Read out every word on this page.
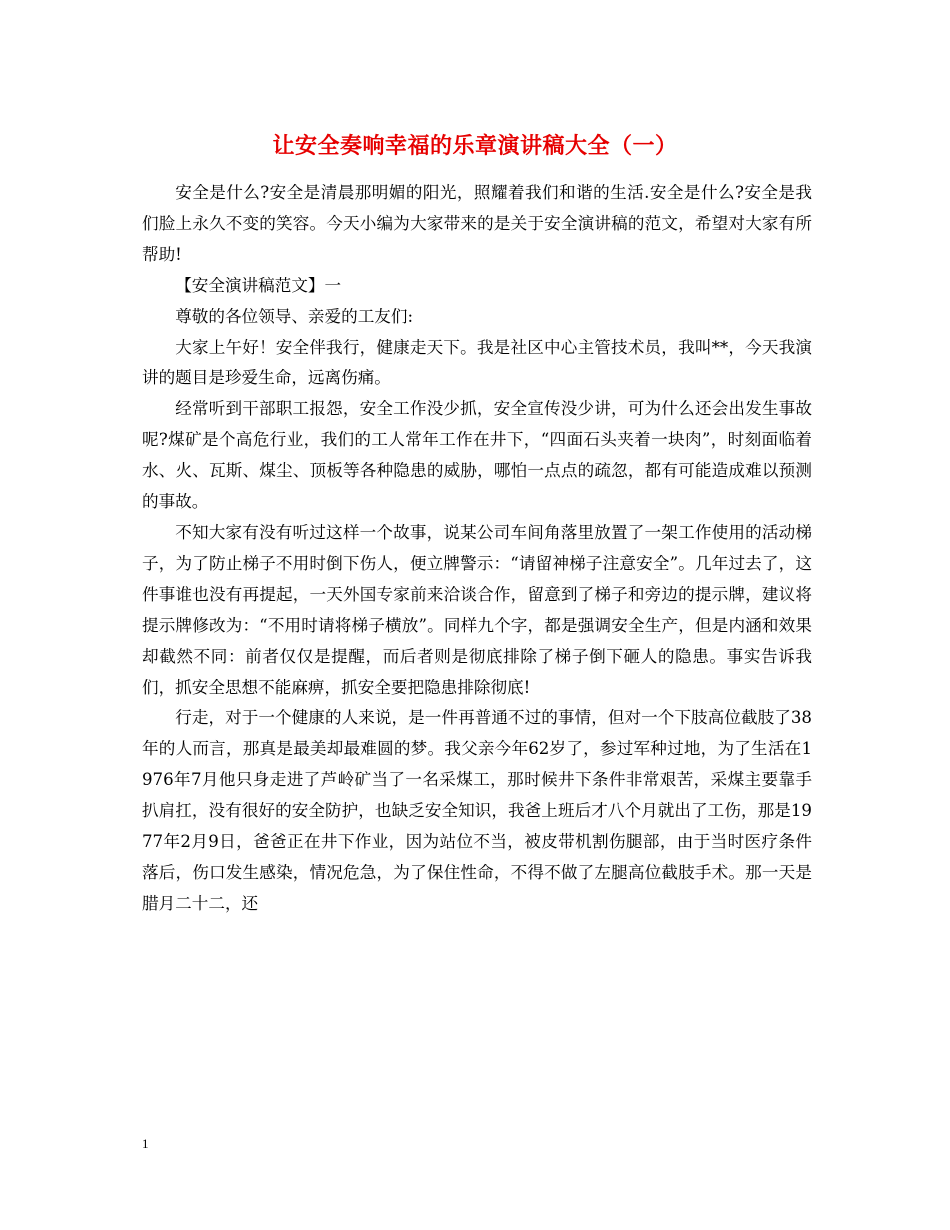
让安全奏响幸福的乐章演讲稿大全（一）

安全是什么?安全是清晨那明媚的阳光，照耀着我们和谐的生活.安全是什么?安全是我们脸上永久不变的笑容。今天小编为大家带来的是关于安全演讲稿的范文，希望对大家有所帮助!

【安全演讲稿范文】一

尊敬的各位领导、亲爱的工友们:

大家上午好！安全伴我行，健康走天下。我是社区中心主管技术员，我叫**，今天我演讲的题目是珍爱生命，远离伤痛。

经常听到干部职工报怨，安全工作没少抓，安全宣传没少讲，可为什么还会出发生事故呢?煤矿是个高危行业，我们的工人常年工作在井下，“四面石头夹着一块肉”，时刻面临着水、火、瓦斯、煤尘、顶板等各种隐患的威胁，哪怕一点点的疏忽，都有可能造成难以预测的事故。

不知大家有没有听过这样一个故事，说某公司车间角落里放置了一架工作使用的活动梯子，为了防止梯子不用时倒下伤人，便立牌警示：“请留神梯子注意安全”。几年过去了，这件事谁也没有再提起，一天外国专家前来洽谈合作，留意到了梯子和旁边的提示牌，建议将提示牌修改为：“不用时请将梯子横放”。同样九个字，都是强调安全生产，但是内涵和效果却截然不同：前者仅仅是提醒，而后者则是彻底排除了梯子倒下砸人的隐患。事实告诉我们，抓安全思想不能麻痹，抓安全要把隐患排除彻底!

行走，对于一个健康的人来说，是一件再普通不过的事情，但对一个下肢高位截肢了38年的人而言，那真是最美却最难圆的梦。我父亲今年62岁了，参过军种过地，为了生活在1976年7月他只身走进了芦岭矿当了一名采煤工，那时候井下条件非常艰苦，采煤主要靠手扒肩扛，没有很好的安全防护，也缺乏安全知识，我爸上班后才八个月就出了工伤，那是1977年2月9日，爸爸正在井下作业，因为站位不当，被皮带机割伤腿部，由于当时医疗条件落后，伤口发生感染，情况危急，为了保住性命，不得不做了左腿高位截肢手术。那一天是腊月二十二，还

1
